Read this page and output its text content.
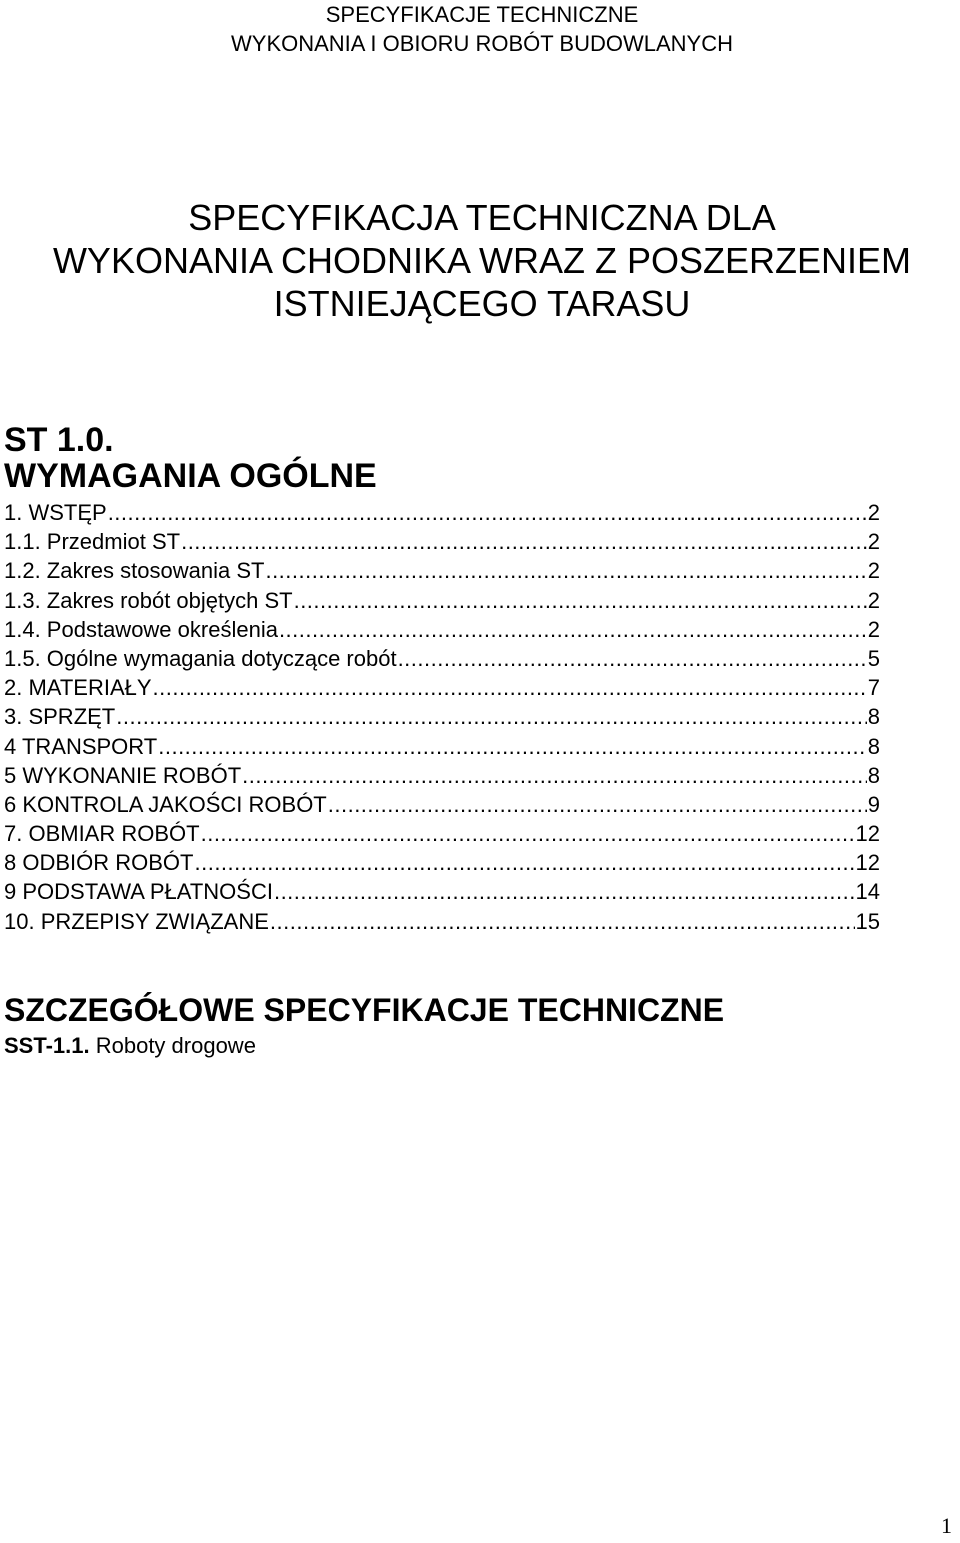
SPECYFIKACJE TECHNICZNE
WYKONANIA I OBIORU ROBÓT BUDOWLANYCH
SPECYFIKACJA TECHNICZNA DLA
WYKONANIA CHODNIKA WRAZ Z POSZERZENIEM
ISTNIEJĄCEGO TARASU
ST 1.0.
WYMAGANIA OGÓLNE
1. WSTĘP .....	2
1.1. Przedmiot ST .....	2
1.2. Zakres stosowania ST .....	2
1.3. Zakres robót objętych ST .....	2
1.4. Podstawowe określenia .....	2
1.5. Ogólne wymagania dotyczące robót .....	5
2. MATERIAŁY .....	7
3. SPRZĘT .....	8
4 TRANSPORT .....	8
5 WYKONANIE ROBÓT .....	8
6 KONTROLA JAKOŚCI ROBÓT .....	9
7. OBMIAR ROBÓT .....	12
8 ODBIÓR ROBÓT .....	12
9 PODSTAWA PŁATNOŚCI .....	14
10. PRZEPISY ZWIĄZANE .....	15
SZCZEGÓŁOWE SPECYFIKACJE TECHNICZNE
SST-1.1. Roboty drogowe
1
